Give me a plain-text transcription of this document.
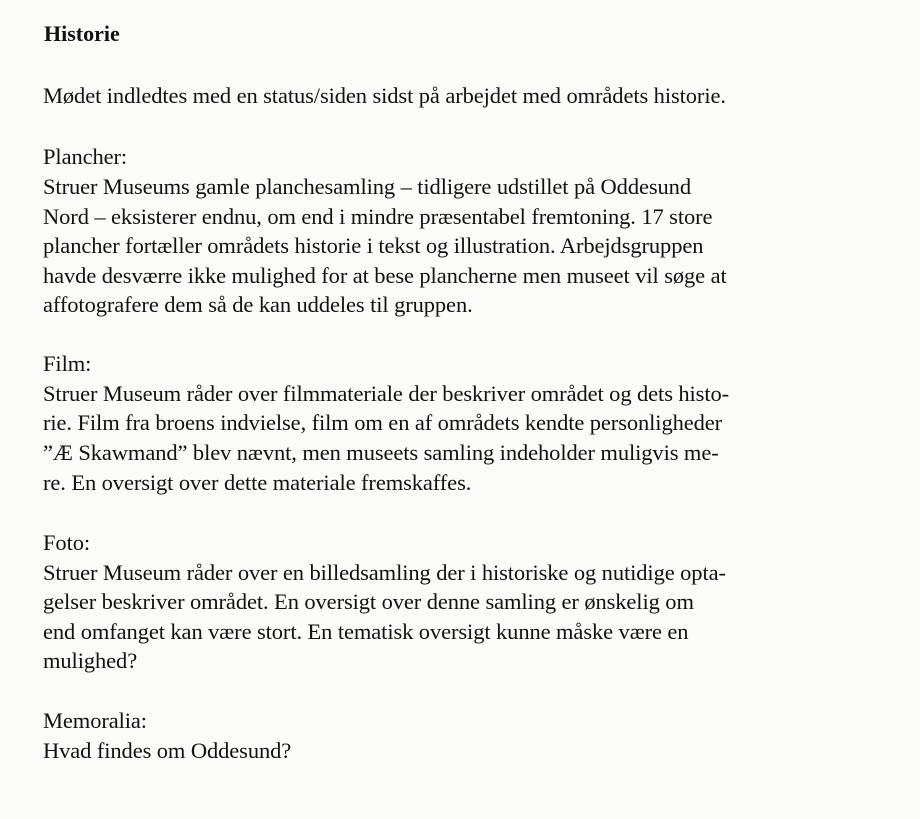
Historie
Mødet indledtes med en status/siden sidst på arbejdet med områdets historie.
Plancher:
Struer Museums gamle planchesamling – tidligere udstillet på Oddesund
Nord – eksisterer endnu, om end i mindre præsentabel fremtoning. 17 store
plancher fortæller områdets historie i tekst og illustration. Arbejdsgruppen
havde desværre ikke mulighed for at bese plancherne men museet vil søge at
affotografere dem så de kan uddeles til gruppen.
Film:
Struer Museum råder over filmmateriale der beskriver området og dets histo-
rie. Film fra broens indvielse, film om en af områdets kendte personligheder
”Æ Skawmand” blev nævnt, men museets samling indeholder muligvis me-
re. En oversigt over dette materiale fremskaffes.
Foto:
Struer Museum råder over en billedsamling der i historiske og nutidige opta-
gelser beskriver området. En oversigt over denne samling er ønskelig om
end omfanget kan være stort. En tematisk oversigt kunne måske være en
mulighed?
Memoralia:
Hvad findes om Oddesund?
